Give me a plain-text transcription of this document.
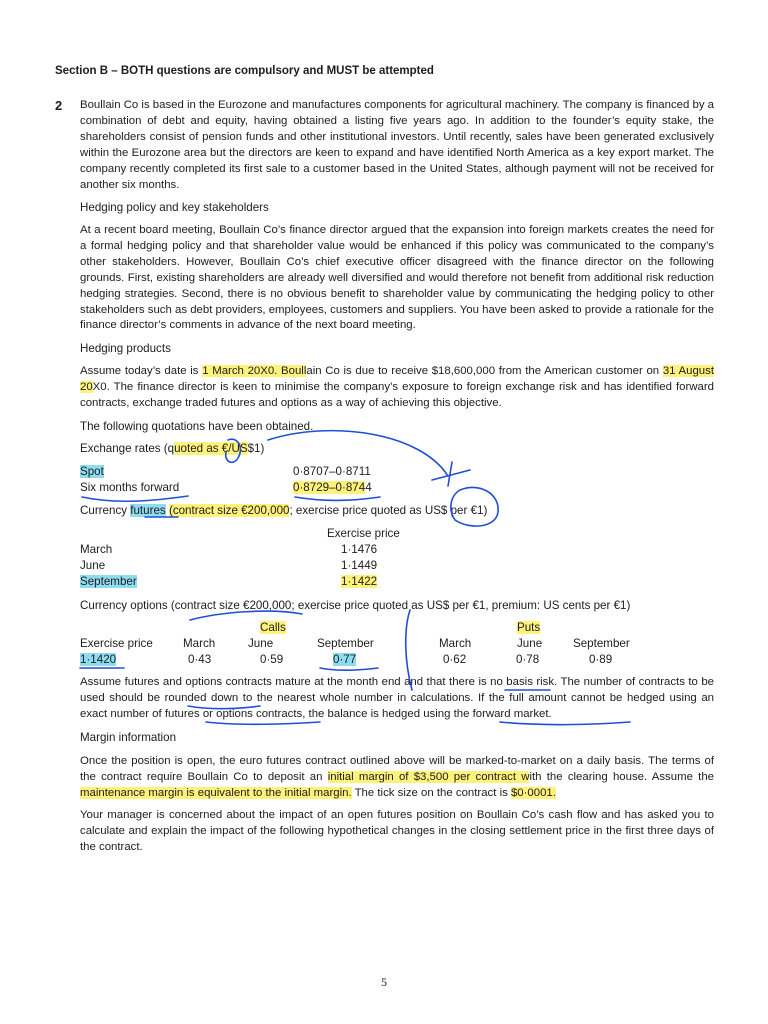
Section B – BOTH questions are compulsory and MUST be attempted
2 Boullain Co is based in the Eurozone and manufactures components for agricultural machinery. The company is financed by a combination of debt and equity, having obtained a listing five years ago. In addition to the founder’s equity stake, the shareholders consist of pension funds and other institutional investors. Until recently, sales have been generated exclusively within the Eurozone area but the directors are keen to expand and have identified North America as a key export market. The company recently completed its first sale to a customer based in the United States, although payment will not be received for another six months.
Hedging policy and key stakeholders
At a recent board meeting, Boullain Co’s finance director argued that the expansion into foreign markets creates the need for a formal hedging policy and that shareholder value would be enhanced if this policy was communicated to the company’s other stakeholders. However, Boullain Co’s chief executive officer disagreed with the finance director on the following grounds. First, existing shareholders are already well diversified and would therefore not benefit from additional risk reduction hedging strategies. Second, there is no obvious benefit to shareholder value by communicating the hedging policy to other stakeholders such as debt providers, employees, customers and suppliers. You have been asked to provide a rationale for the finance director’s comments in advance of the next board meeting.
Hedging products
Assume today’s date is 1 March 20X0. Boullain Co is due to receive $18,600,000 from the American customer on 31 August 20X0. The finance director is keen to minimise the company’s exposure to foreign exchange risk and has identified forward contracts, exchange traded futures and options as a way of achieving this objective.
The following quotations have been obtained.
Exchange rates (quoted as €/US$1)
Spot	0·8707–0·8711
Six months forward	0·8729–0·8744
Currency futures (contract size €200,000; exercise price quoted as US$ per €1)
Exercise price
March	1·1476
June	1·1449
September	1·1422
Currency options (contract size €200,000; exercise price quoted as US$ per €1, premium: US cents per €1)
Calls	Puts
Exercise price	March	June	September	March	June	September
1·1420	0·43	0·59	0·77	0·62	0·78	0·89
Assume futures and options contracts mature at the month end and that there is no basis risk. The number of contracts to be used should be rounded down to the nearest whole number in calculations. If the full amount cannot be hedged using an exact number of futures or options contracts, the balance is hedged using the forward market.
Margin information
Once the position is open, the euro futures contract outlined above will be marked-to-market on a daily basis. The terms of the contract require Boullain Co to deposit an initial margin of $3,500 per contract with the clearing house. Assume the maintenance margin is equivalent to the initial margin. The tick size on the contract is $0·0001.
Your manager is concerned about the impact of an open futures position on Boullain Co’s cash flow and has asked you to calculate and explain the impact of the following hypothetical changes in the closing settlement price in the first three days of the contract.
5
